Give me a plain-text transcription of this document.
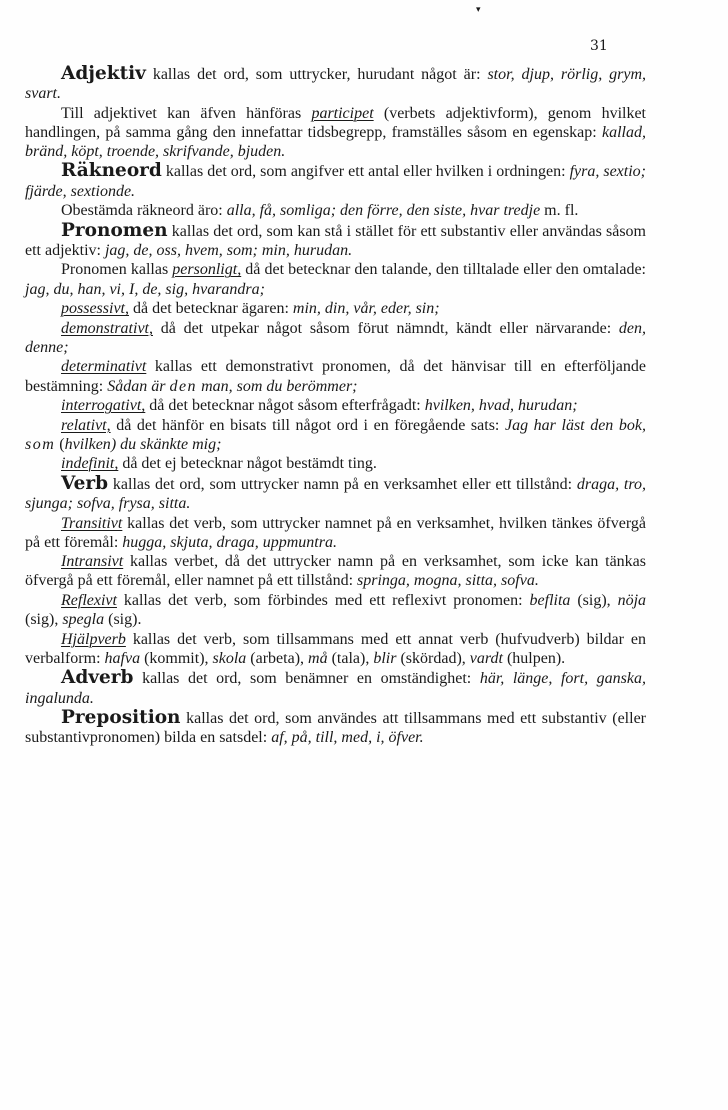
▾
31

Adjektiv kallas det ord, som uttrycker, hurudant något är: stor, djup, rörlig, grym, svart.

Till adjektivet kan äfven hänföras participet (verbets adjektivform), genom hvilket handlingen, på samma gång den innefattar tidsbegrepp, framställes såsom en egenskap: kallad, bränd, köpt, troende, skrifvande, bjuden.

Räkneord kallas det ord, som angifver ett antal eller hvilken i ordningen: fyra, sextio; fjärde, sextionde.

Obestämda räkneord äro: alla, få, somliga; den förre, den siste, hvar tredje m. fl.

Pronomen kallas det ord, som kan stå i stället för ett substantiv eller användas såsom ett adjektiv: jag, de, oss, hvem, som; min, hurudan.

Pronomen kallas personligt, då det betecknar den talande, den tilltalade eller den omtalade: jag, du, han, vi, I, de, sig, hvarandra;

possessivt, då det betecknar ägaren: min, din, vår, eder, sin;

demonstrativt, då det utpekar något såsom förut nämndt, kändt eller närvarande: den, denne;

determinativt kallas ett demonstrativt pronomen, då det hänvisar till en efterföljande bestämning: Sådan är den man, som du berömmer;

interrogativt, då det betecknar något såsom efterfrågadt: hvilken, hvad, hurudan;

relativt, då det hänför en bisats till något ord i en föregående sats: Jag har läst den bok, som (hvilken) du skänkte mig;

indefinit, då det ej betecknar något bestämdt ting.

Verb kallas det ord, som uttrycker namn på en verksamhet eller ett tillstånd: draga, tro, sjunga; sofva, frysa, sitta.

Transitivt kallas det verb, som uttrycker namnet på en verksamhet, hvilken tänkes öfvergå på ett föremål: hugga, skjuta, draga, uppmuntra.

Intransivt kallas verbet, då det uttrycker namn på en verksamhet, som icke kan tänkas öfvergå på ett föremål, eller namnet på ett tillstånd: springa, mogna, sitta, sofva.

Reflexivt kallas det verb, som förbindes med ett reflexivt pronomen: beflita (sig), nöja (sig), spegla (sig).

Hjälpverb kallas det verb, som tillsammans med ett annat verb (hufvudverb) bildar en verbalform: hafva (kommit), skola (arbeta), må (tala), blir (skördad), vardt (hulpen).

Adverb kallas det ord, som benämner en omständighet: här, länge, fort, ganska, ingalunda.

Preposition kallas det ord, som användes att tillsammans med ett substantiv (eller substantivpronomen) bilda en satsdel: af, på, till, med, i, öfver.
